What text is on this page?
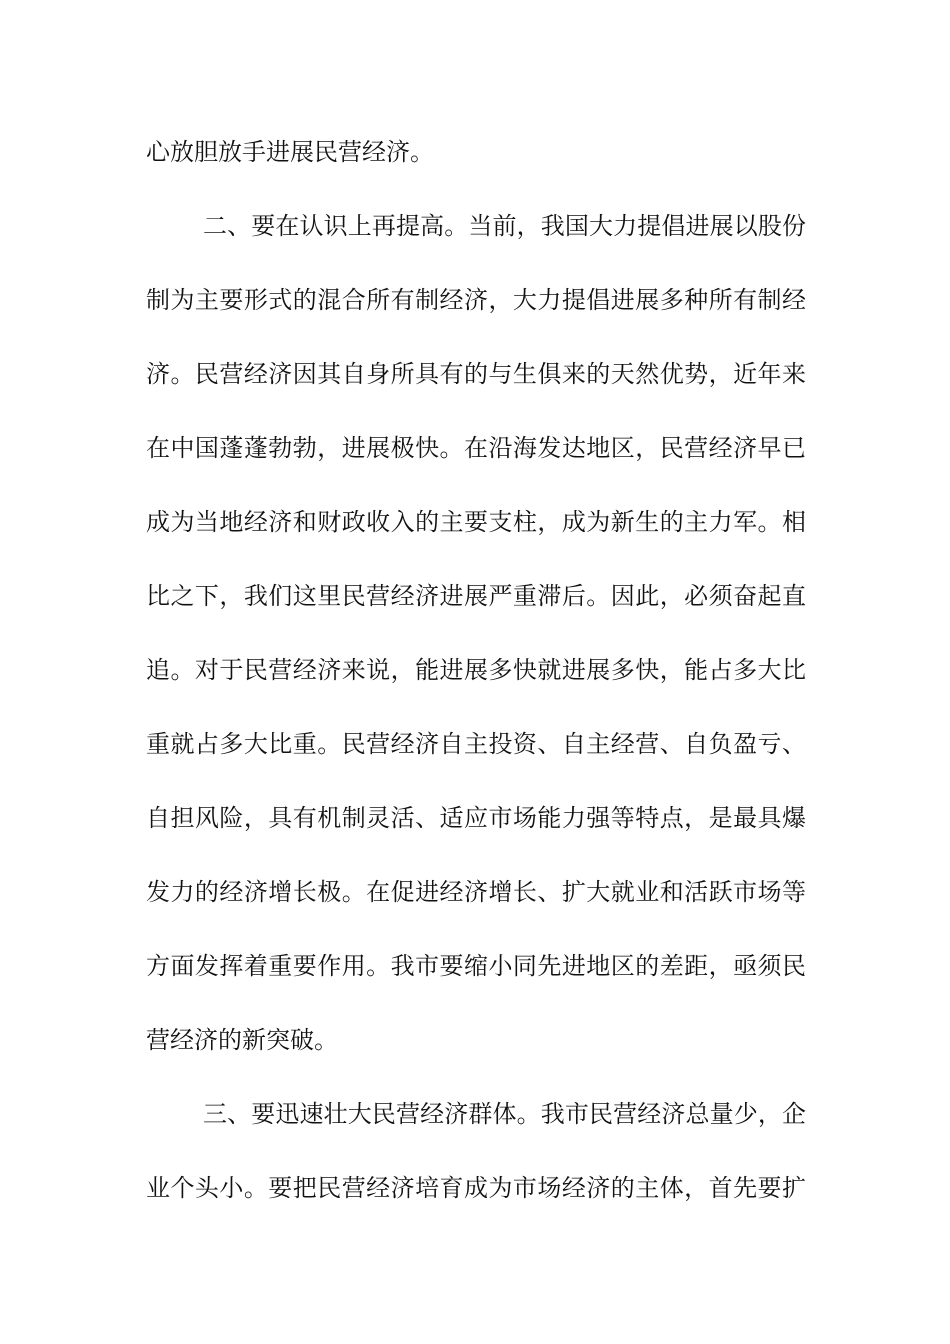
心放胆放手进展民营经济。
二、要在认识上再提高。当前，我国大力提倡进展以股份
制为主要形式的混合所有制经济，大力提倡进展多种所有制经
济。民营经济因其自身所具有的与生俱来的天然优势，近年来
在中国蓬蓬勃勃，进展极快。在沿海发达地区，民营经济早已
成为当地经济和财政收入的主要支柱，成为新生的主力军。相
比之下，我们这里民营经济进展严重滞后。因此，必须奋起直
追。对于民营经济来说，能进展多快就进展多快，能占多大比
重就占多大比重。民营经济自主投资、自主经营、自负盈亏、
自担风险，具有机制灵活、适应市场能力强等特点，是最具爆
发力的经济增长极。在促进经济增长、扩大就业和活跃市场等
方面发挥着重要作用。我市要缩小同先进地区的差距，亟须民
营经济的新突破。
三、要迅速壮大民营经济群体。我市民营经济总量少，企
业个头小。要把民营经济培育成为市场经济的主体，首先要扩
